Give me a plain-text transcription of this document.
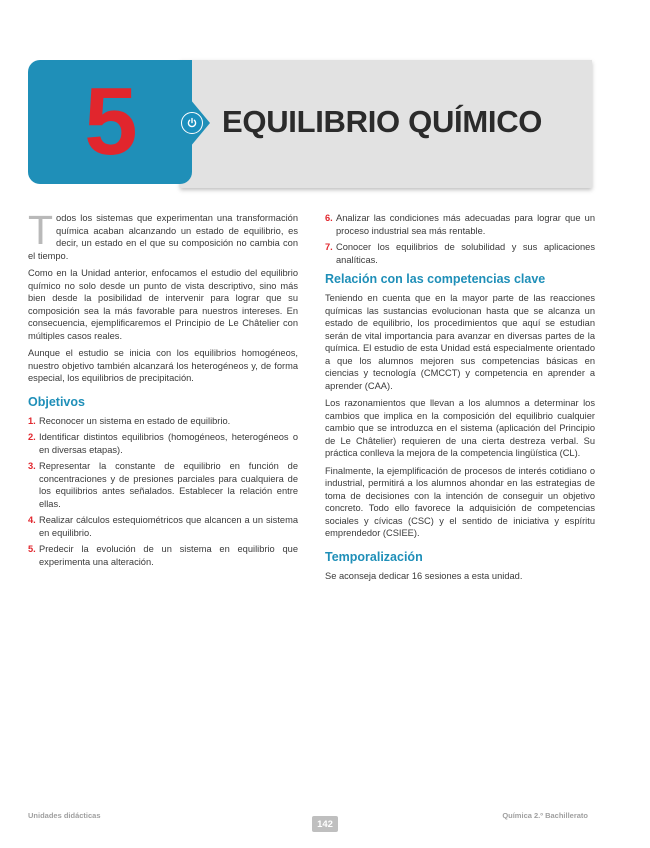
5	EQUILIBRIO QUÍMICO

Todos los sistemas que experimentan una transformación química acaban alcanzando un estado de equilibrio, es decir, un estado en el que su composición no cambia con el tiempo.

Como en la Unidad anterior, enfocamos el estudio del equilibrio químico no solo desde un punto de vista descriptivo, sino más bien desde la posibilidad de intervenir para lograr que su composición sea la más favorable para nuestros intereses. En consecuencia, ejemplificaremos el Principio de Le Châtelier con múltiples casos reales.

Aunque el estudio se inicia con los equilibrios homogéneos, nuestro objetivo también alcanzará los heterogéneos y, de forma especial, los equilibrios de precipitación.

Objetivos
1. Reconocer un sistema en estado de equilibrio.
2. Identificar distintos equilibrios (homogéneos, heterogéneos o en diversas etapas).
3. Representar la constante de equilibrio en función de concentraciones y de presiones parciales para cualquiera de los equilibrios antes señalados. Establecer la relación entre ellas.
4. Realizar cálculos estequiométricos que alcancen a un sistema en equilibrio.
5. Predecir la evolución de un sistema en equilibrio que experimenta una alteración.
6. Analizar las condiciones más adecuadas para lograr que un proceso industrial sea más rentable.
7. Conocer los equilibrios de solubilidad y sus aplicaciones analíticas.
Relación con las competencias clave

Teniendo en cuenta que en la mayor parte de las reacciones químicas las sustancias evolucionan hasta que se alcanza un estado de equilibrio, los procedimientos que aquí se estudian serán de vital importancia para avanzar en diversas partes de la química. El estudio de esta Unidad está especialmente orientado a que los alumnos mejoren sus competencias básicas en ciencias y tecnología (CMCCT) y competencia en aprender a aprender (CAA).

Los razonamientos que llevan a los alumnos a determinar los cambios que implica en la composición del equilibrio cualquier cambio que se introduzca en el sistema (aplicación del Principio de Le Châtelier) requieren de una cierta destreza verbal. Su práctica conlleva la mejora de la competencia lingüística (CL).

Finalmente, la ejemplificación de procesos de interés cotidiano o industrial, permitirá a los alumnos ahondar en las estrategias de toma de decisiones con la intención de conseguir un objetivo concreto. Todo ello favorece la adquisición de competencias sociales y cívicas (CSC) y el sentido de iniciativa y espíritu emprendedor (CSIEE).

Temporalización

Se aconseja dedicar 16 sesiones a esta unidad.

Unidades didácticas
142
Química 2.º Bachillerato
